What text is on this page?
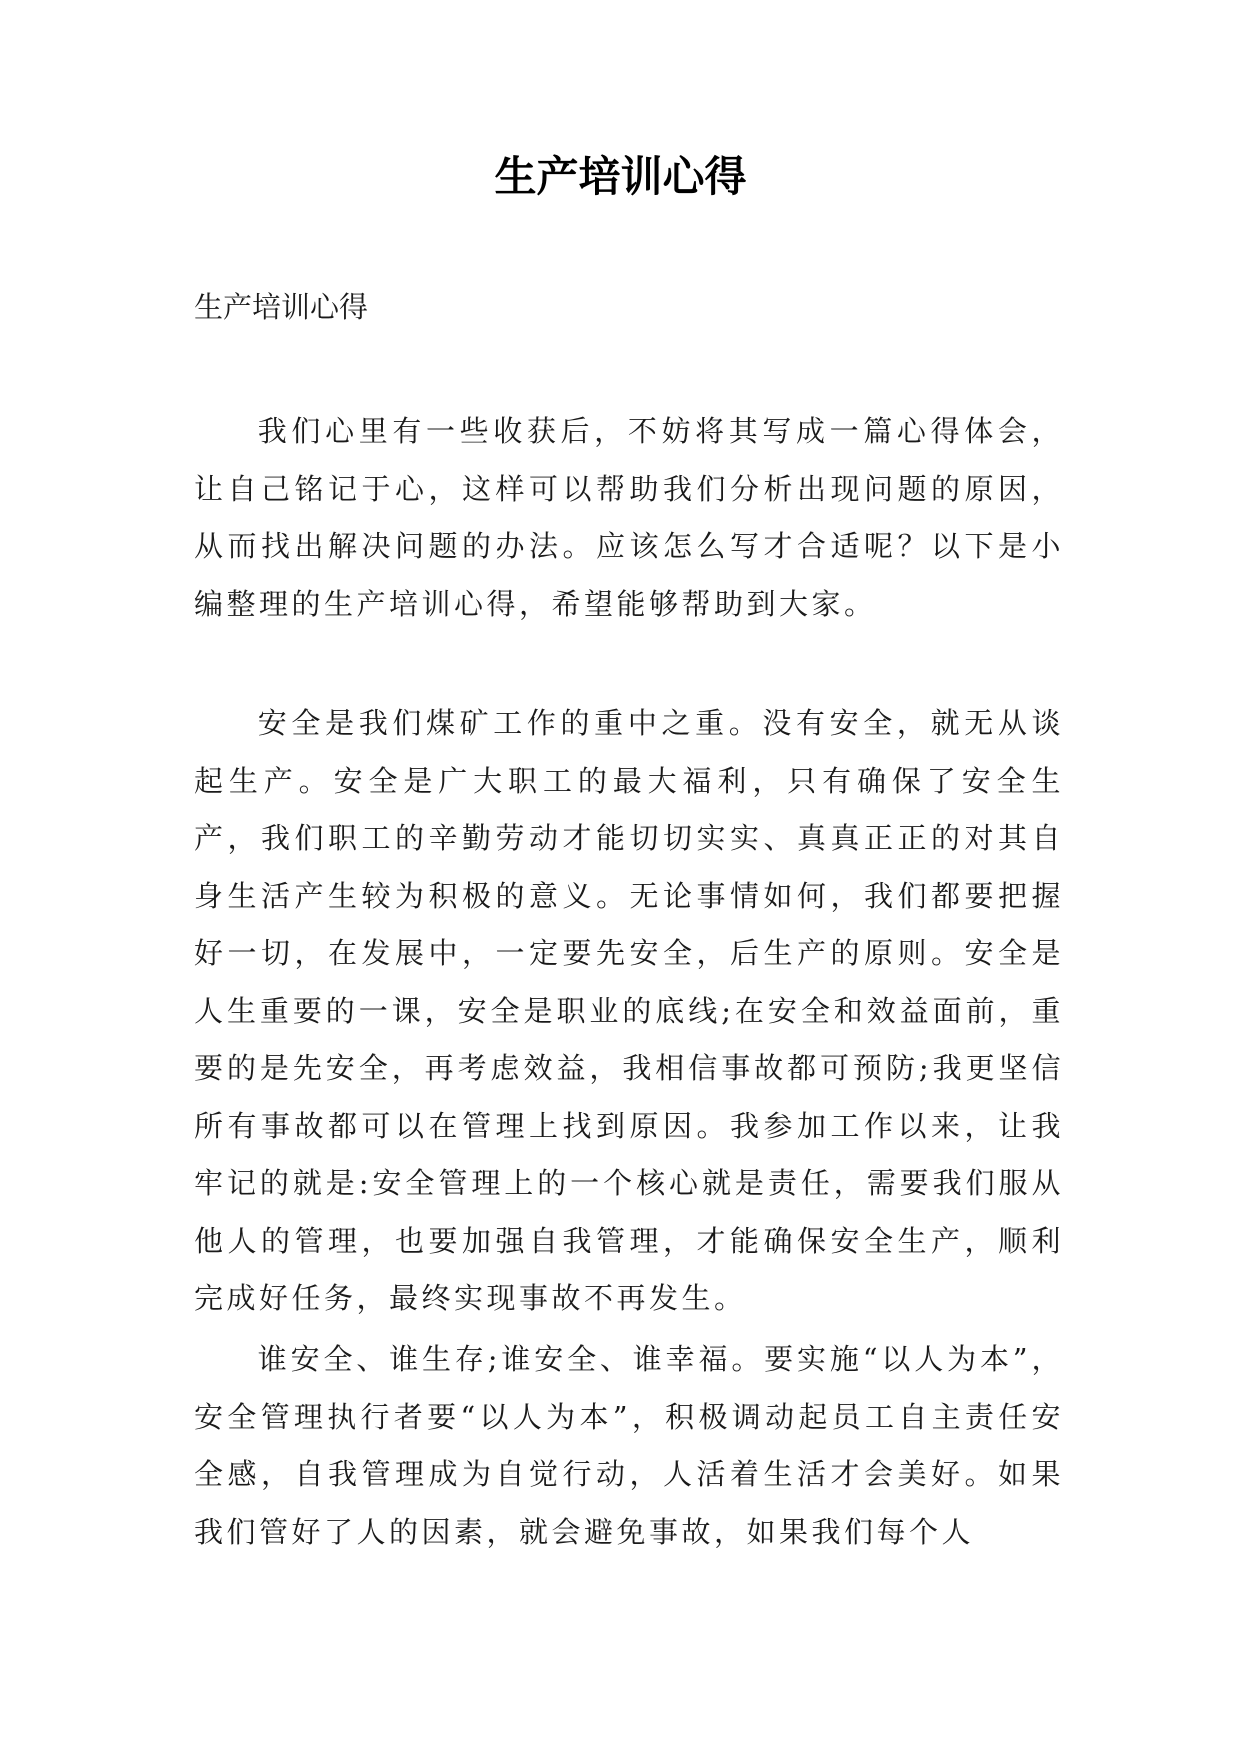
生产培训心得

生产培训心得

我们心里有一些收获后，不妨将其写成一篇心得体会，让自己铭记于心，这样可以帮助我们分析出现问题的原因，从而找出解决问题的办法。应该怎么写才合适呢？以下是小编整理的生产培训心得，希望能够帮助到大家。

安全是我们煤矿工作的重中之重。没有安全，就无从谈起生产。安全是广大职工的最大福利，只有确保了安全生产，我们职工的辛勤劳动才能切切实实、真真正正的对其自身生活产生较为积极的意义。无论事情如何，我们都要把握好一切，在发展中，一定要先安全，后生产的原则。安全是人生重要的一课，安全是职业的底线;在安全和效益面前，重要的是先安全，再考虑效益，我相信事故都可预防;我更坚信所有事故都可以在管理上找到原因。我参加工作以来，让我牢记的就是:安全管理上的一个核心就是责任，需要我们服从他人的管理，也要加强自我管理，才能确保安全生产，顺利完成好任务，最终实现事故不再发生。

谁安全、谁生存;谁安全、谁幸福。要实施“以人为本”，安全管理执行者要“以人为本”，积极调动起员工自主责任安全感，自我管理成为自觉行动，人活着生活才会美好。如果我们管好了人的因素，就会避免事故，如果我们每个人
